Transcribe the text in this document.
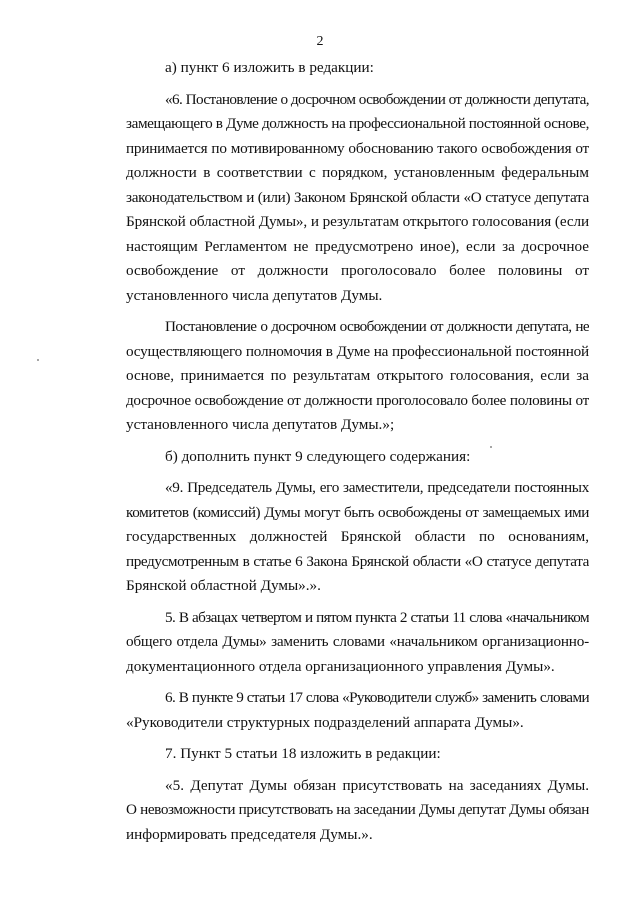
2
а) пункт 6 изложить в редакции:
«6. Постановление о досрочном освобождении от должности депутата,
замещающего в Думе должность на профессиональной постоянной основе,
принимается по мотивированному обоснованию такого освобождения от
должности в соответствии с порядком, установленным федеральным
законодательством и (или) Законом Брянской области «О статусе депутата
Брянской областной Думы», и результатам открытого голосования (если
настоящим Регламентом не предусмотрено иное), если за досрочное
освобождение от должности проголосовало более половины от
установленного числа депутатов Думы.
Постановление о досрочном освобождении от должности депутата, не
осуществляющего полномочия в Думе на профессиональной постоянной
основе, принимается по результатам открытого голосования, если за
досрочное освобождение от должности проголосовало более половины от
установленного числа депутатов Думы.»;
б) дополнить пункт 9 следующего содержания:
«9. Председатель Думы, его заместители, председатели постоянных
комитетов (комиссий) Думы могут быть освобождены от замещаемых ими
государственных должностей Брянской области по основаниям,
предусмотренным в статье 6 Закона Брянской области «О статусе депутата
Брянской областной Думы».».
5. В абзацах четвертом и пятом пункта 2 статьи 11 слова «начальником
общего отдела Думы» заменить словами «начальником организационно-
документационного отдела организационного управления Думы».
6. В пункте 9 статьи 17 слова «Руководители служб» заменить словами
«Руководители структурных подразделений аппарата Думы».
7. Пункт 5 статьи 18 изложить в редакции:
«5. Депутат Думы обязан присутствовать на заседаниях Думы.
О невозможности присутствовать на заседании Думы депутат Думы обязан
информировать председателя Думы.».
